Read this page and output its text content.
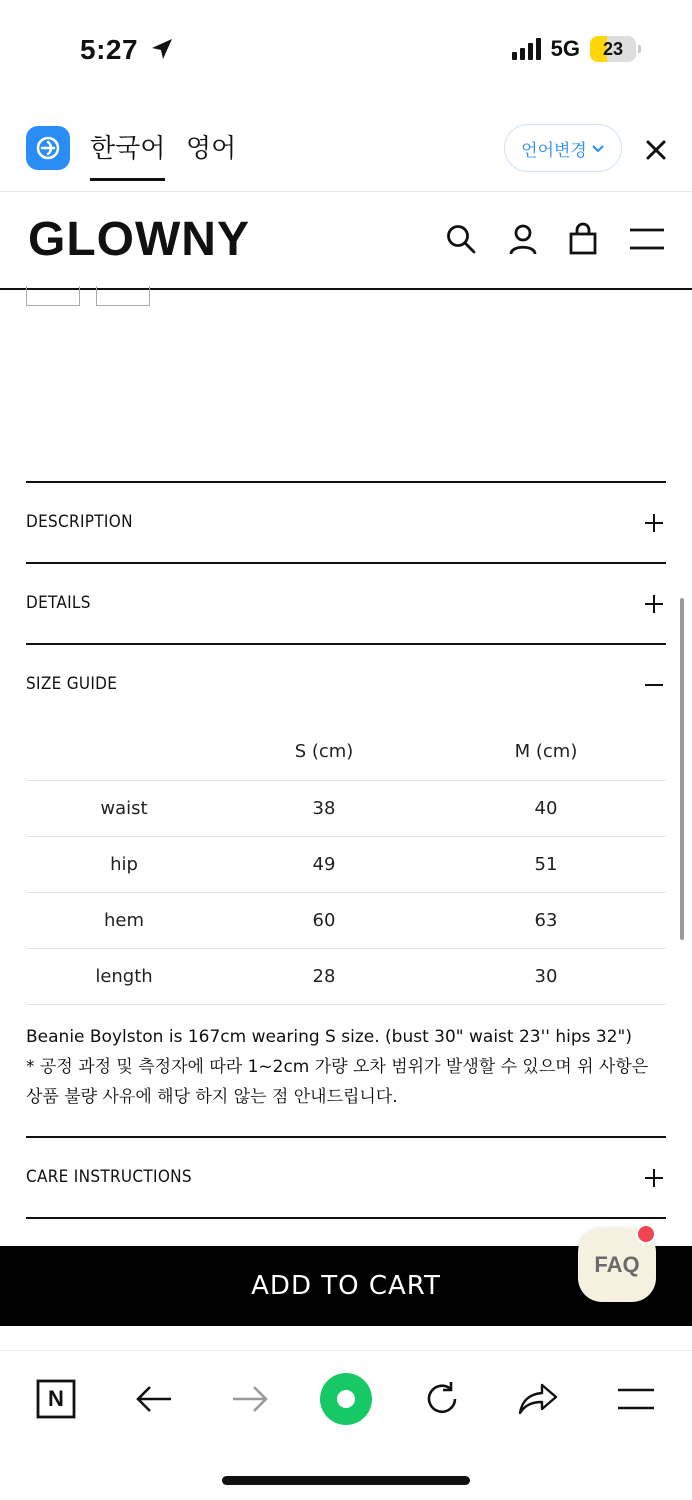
5:27	5G	23
한국어 영어	언어변경
GLOWNY
DESCRIPTION
DETAILS
SIZE GUIDE
	S (cm)	M (cm)
waist	38	40
hip	49	51
hem	60	63
length	28	30
Beanie Boylston is 167cm wearing S size. (bust 30" waist 23'' hips 32")
* 공정 과정 및 측정자에 따라 1~2cm 가량 오차 범위가 발생할 수 있으며 위 사항은 상품 불량 사유에 해당 하지 않는 점 안내드립니다.
CARE INSTRUCTIONS
ADD TO CART
FAQ
N
